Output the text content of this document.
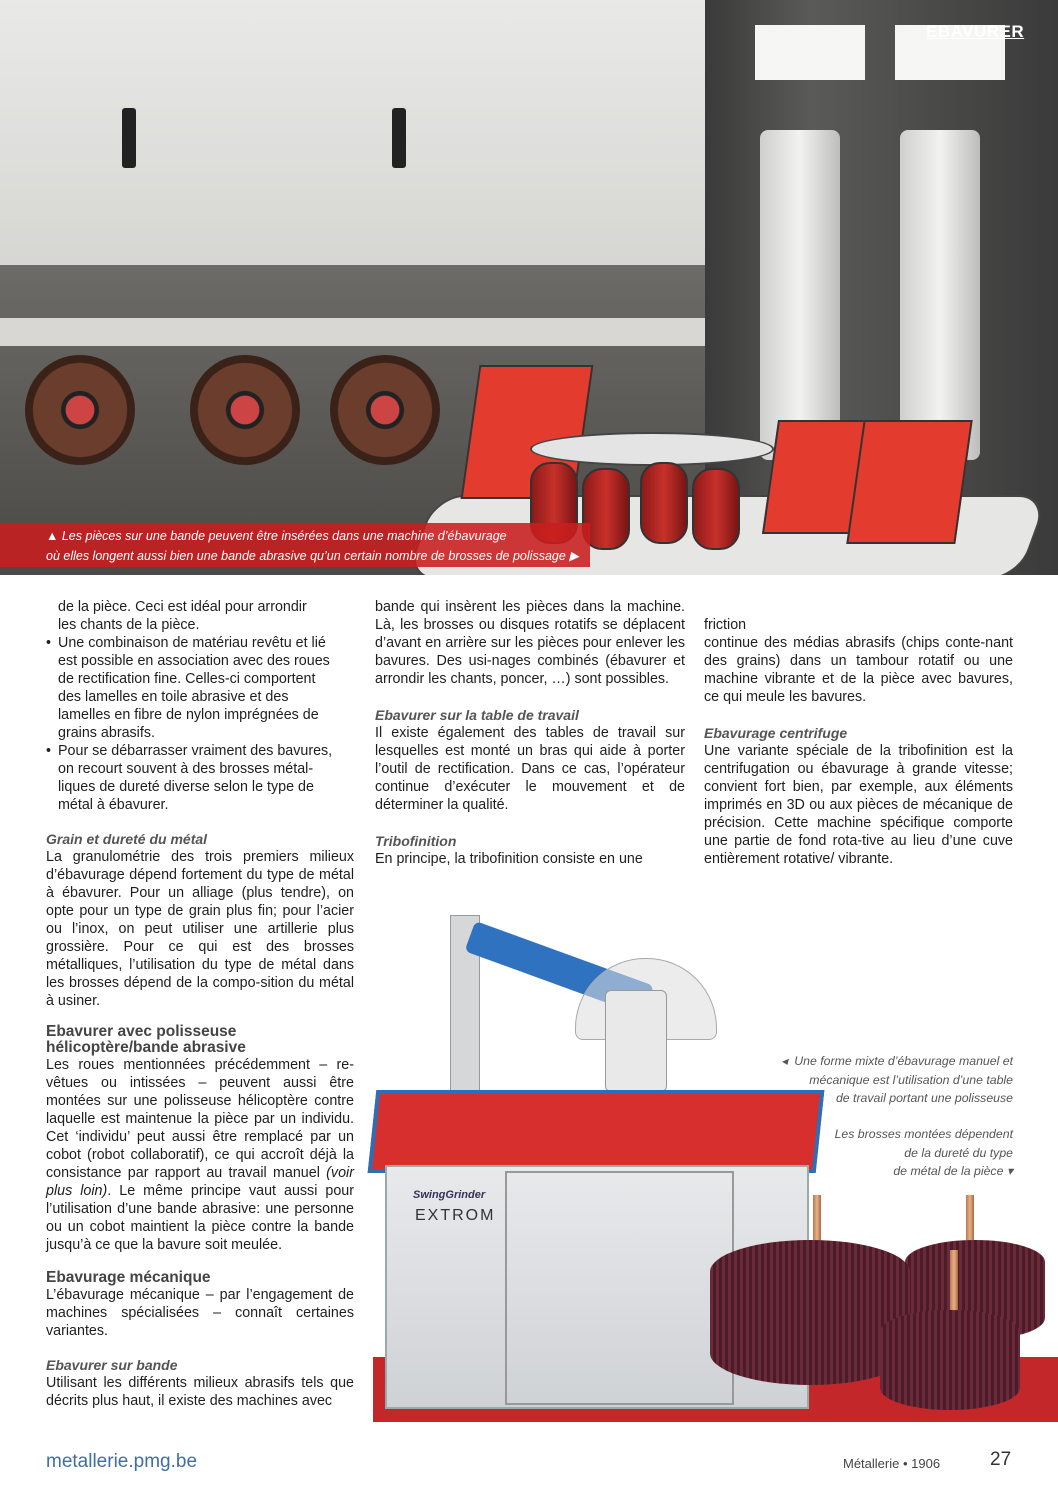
EBAVURER
▲ Les pièces sur une bande peuvent être insérées dans une machine d’ébavurage
où elles longent aussi bien une bande abrasive qu’un certain nombre de brosses de polissage ▶
de la pièce. Ceci est idéal pour arrondir
les chants de la pièce.
• Une combinaison de matériau revêtu et lié
est possible en association avec des roues
de rectification fine. Celles-ci comportent
des lamelles en toile abrasive et des
lamelles en fibre de nylon imprégnées de
grains abrasifs.
• Pour se débarrasser vraiment des bavures,
on recourt souvent à des brosses métal-
liques de dureté diverse selon le type de
métal à ébavurer.
Grain et dureté du métal

La granulométrie des trois premiers milieux d’ébavurage dépend fortement du type de métal à ébavurer. Pour un alliage (plus tendre), on opte pour un type de grain plus fin; pour l’acier ou l’inox, on peut utiliser une artillerie plus grossière. Pour ce qui est des brosses métalliques, l’utilisation du type de métal dans les brosses dépend de la compo-sition du métal à usiner.

Ebavurer avec polisseuse
hélicoptère/bande abrasive

Les roues mentionnées précédemment – re-vêtues ou intissées – peuvent aussi être montées sur une polisseuse hélicoptère contre laquelle est maintenue la pièce par un individu. Cet ‘individu’ peut aussi être remplacé par un cobot (robot collaboratif), ce qui accroît déjà la consistance par rapport au travail manuel (voir plus loin). Le même principe vaut aussi pour l’utilisation d’une bande abrasive: une personne ou un cobot maintient la pièce contre la bande jusqu’à ce que la bavure soit meulée.

Ebavurage mécanique

L’ébavurage mécanique – par l’engagement de machines spécialisées – connaît certaines variantes.

Ebavurer sur bande

Utilisant les différents milieux abrasifs tels que décrits plus haut, il existe des machines avec

bande qui insèrent les pièces dans la machine. Là, les brosses ou disques rotatifs se déplacent d’avant en arrière sur les pièces pour enlever les bavures. Des usi-nages combinés (ébavurer et arrondir les chants, poncer, …) sont possibles.

Ebavurer sur la table de travail

Il existe également des tables de travail sur lesquelles est monté un bras qui aide à porter l’outil de rectification. Dans ce cas, l’opérateur continue d’exécuter le mouvement et de déterminer la qualité.

Tribofinition

En principe, la tribofinition consiste en une

friction

continue des médias abrasifs (chips conte-nant des grains) dans un tambour rotatif ou une machine vibrante et de la pièce avec bavures, ce qui meule les bavures.

Ebavurage centrifuge

Une variante spéciale de la tribofinition est la centrifugation ou ébavurage à grande vitesse; convient fort bien, par exemple, aux éléments imprimés en 3D ou aux pièces de mécanique de précision. Cette machine spécifique comporte une partie de fond rota-tive au lieu d’une cuve entièrement rotative/ vibrante.

SwingGrinder
EXTROM
◂  Une forme mixte d’ébavurage manuel et
mécanique est l’utilisation d’une table
de travail portant une polisseuse
Les brosses montées dépendent
de la dureté du type
de métal de la pièce ▾
metallerie.pmg.be	Métallerie • 1906	27
